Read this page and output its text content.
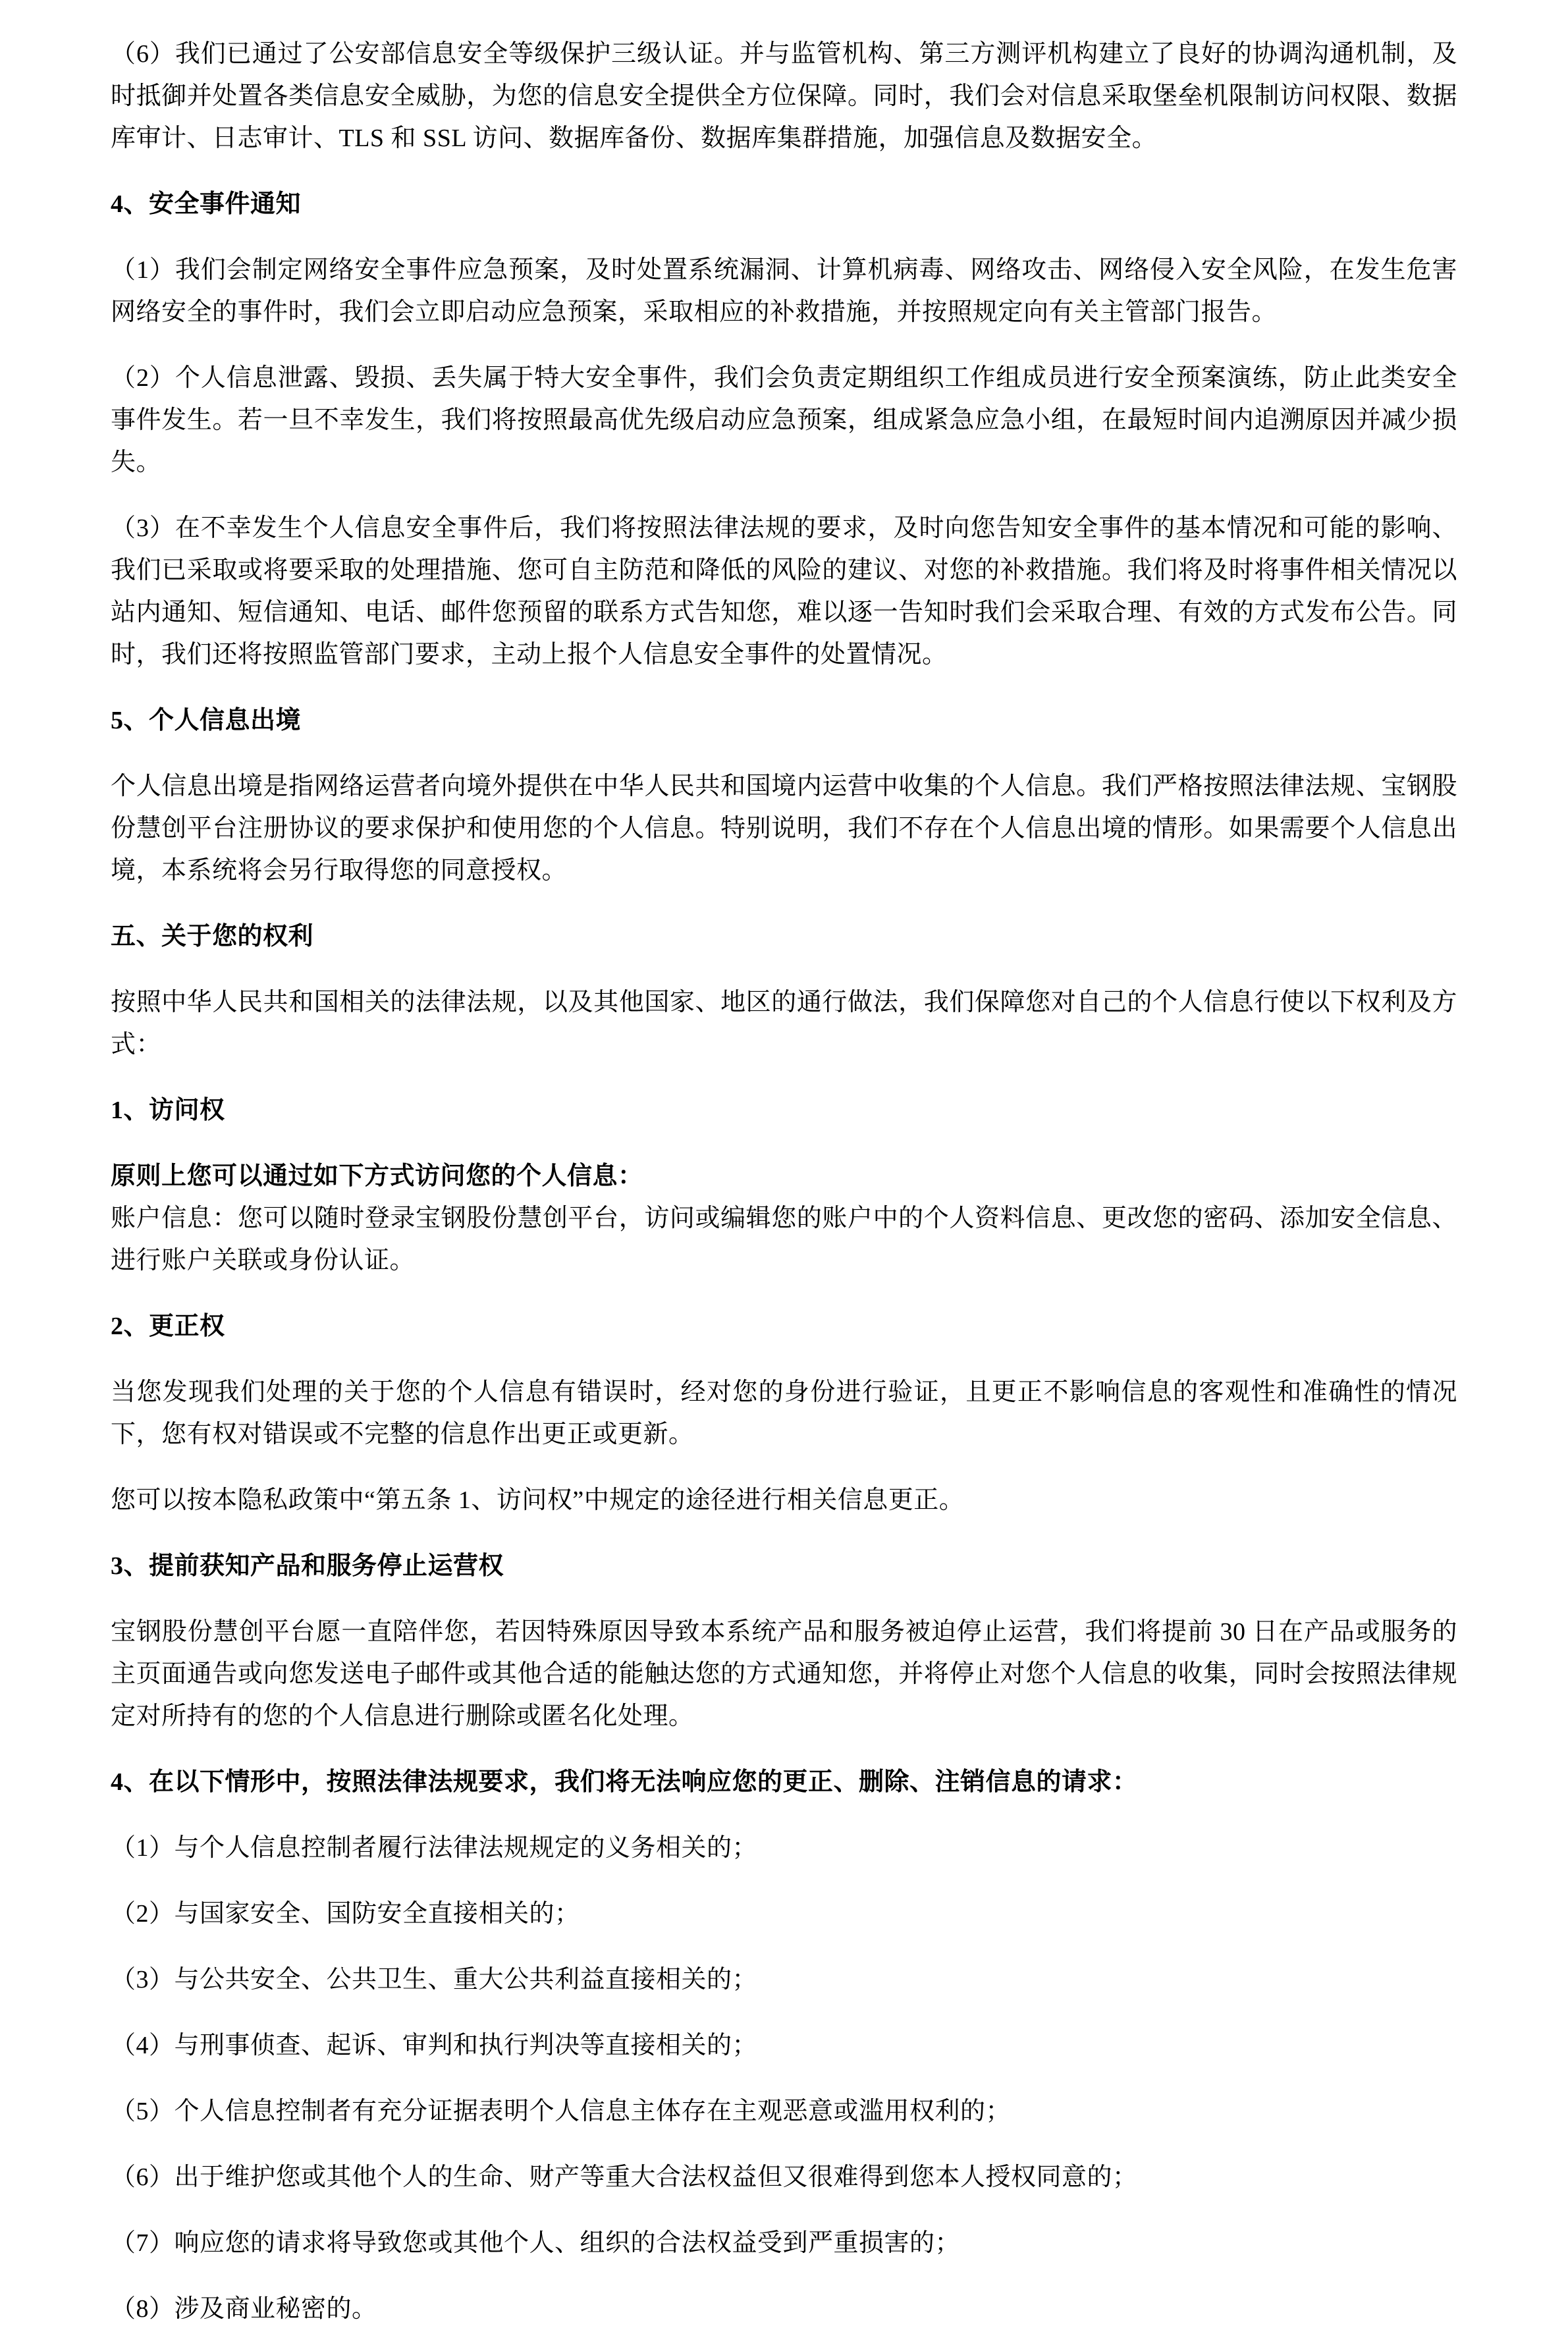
（6）我们已通过了公安部信息安全等级保护三级认证。并与监管机构、第三方测评机构建立了良好的协调沟通机制，及时抵御并处置各类信息安全威胁，为您的信息安全提供全方位保障。同时，我们会对信息采取堡垒机限制访问权限、数据库审计、日志审计、TLS 和 SSL 访问、数据库备份、数据库集群措施，加强信息及数据安全。

4、安全事件通知

（1）我们会制定网络安全事件应急预案，及时处置系统漏洞、计算机病毒、网络攻击、网络侵入安全风险，在发生危害网络安全的事件时，我们会立即启动应急预案，采取相应的补救措施，并按照规定向有关主管部门报告。

（2）个人信息泄露、毁损、丢失属于特大安全事件，我们会负责定期组织工作组成员进行安全预案演练，防止此类安全事件发生。若一旦不幸发生，我们将按照最高优先级启动应急预案，组成紧急应急小组，在最短时间内追溯原因并减少损失。

（3）在不幸发生个人信息安全事件后，我们将按照法律法规的要求，及时向您告知安全事件的基本情况和可能的影响、我们已采取或将要采取的处理措施、您可自主防范和降低的风险的建议、对您的补救措施。我们将及时将事件相关情况以站内通知、短信通知、电话、邮件您预留的联系方式告知您，难以逐一告知时我们会采取合理、有效的方式发布公告。同时，我们还将按照监管部门要求，主动上报个人信息安全事件的处置情况。

5、个人信息出境

个人信息出境是指网络运营者向境外提供在中华人民共和国境内运营中收集的个人信息。我们严格按照法律法规、宝钢股份慧创平台注册协议的要求保护和使用您的个人信息。特别说明，我们不存在个人信息出境的情形。如果需要个人信息出境，本系统将会另行取得您的同意授权。

五、关于您的权利

按照中华人民共和国相关的法律法规，以及其他国家、地区的通行做法，我们保障您对自己的个人信息行使以下权利及方式：

1、访问权

原则上您可以通过如下方式访问您的个人信息：
账户信息：您可以随时登录宝钢股份慧创平台，访问或编辑您的账户中的个人资料信息、更改您的密码、添加安全信息、进行账户关联或身份认证。

2、更正权

当您发现我们处理的关于您的个人信息有错误时，经对您的身份进行验证，且更正不影响信息的客观性和准确性的情况下，您有权对错误或不完整的信息作出更正或更新。

您可以按本隐私政策中“第五条 1、访问权”中规定的途径进行相关信息更正。

3、提前获知产品和服务停止运营权

宝钢股份慧创平台愿一直陪伴您，若因特殊原因导致本系统产品和服务被迫停止运营，我们将提前 30 日在产品或服务的主页面通告或向您发送电子邮件或其他合适的能触达您的方式通知您，并将停止对您个人信息的收集，同时会按照法律规定对所持有的您的个人信息进行删除或匿名化处理。

4、在以下情形中，按照法律法规要求，我们将无法响应您的更正、删除、注销信息的请求：

（1）与个人信息控制者履行法律法规规定的义务相关的；

（2）与国家安全、国防安全直接相关的；

（3）与公共安全、公共卫生、重大公共利益直接相关的；

（4）与刑事侦查、起诉、审判和执行判决等直接相关的；

（5）个人信息控制者有充分证据表明个人信息主体存在主观恶意或滥用权利的；

（6）出于维护您或其他个人的生命、财产等重大合法权益但又很难得到您本人授权同意的；

（7）响应您的请求将导致您或其他个人、组织的合法权益受到严重损害的；

（8）涉及商业秘密的。
